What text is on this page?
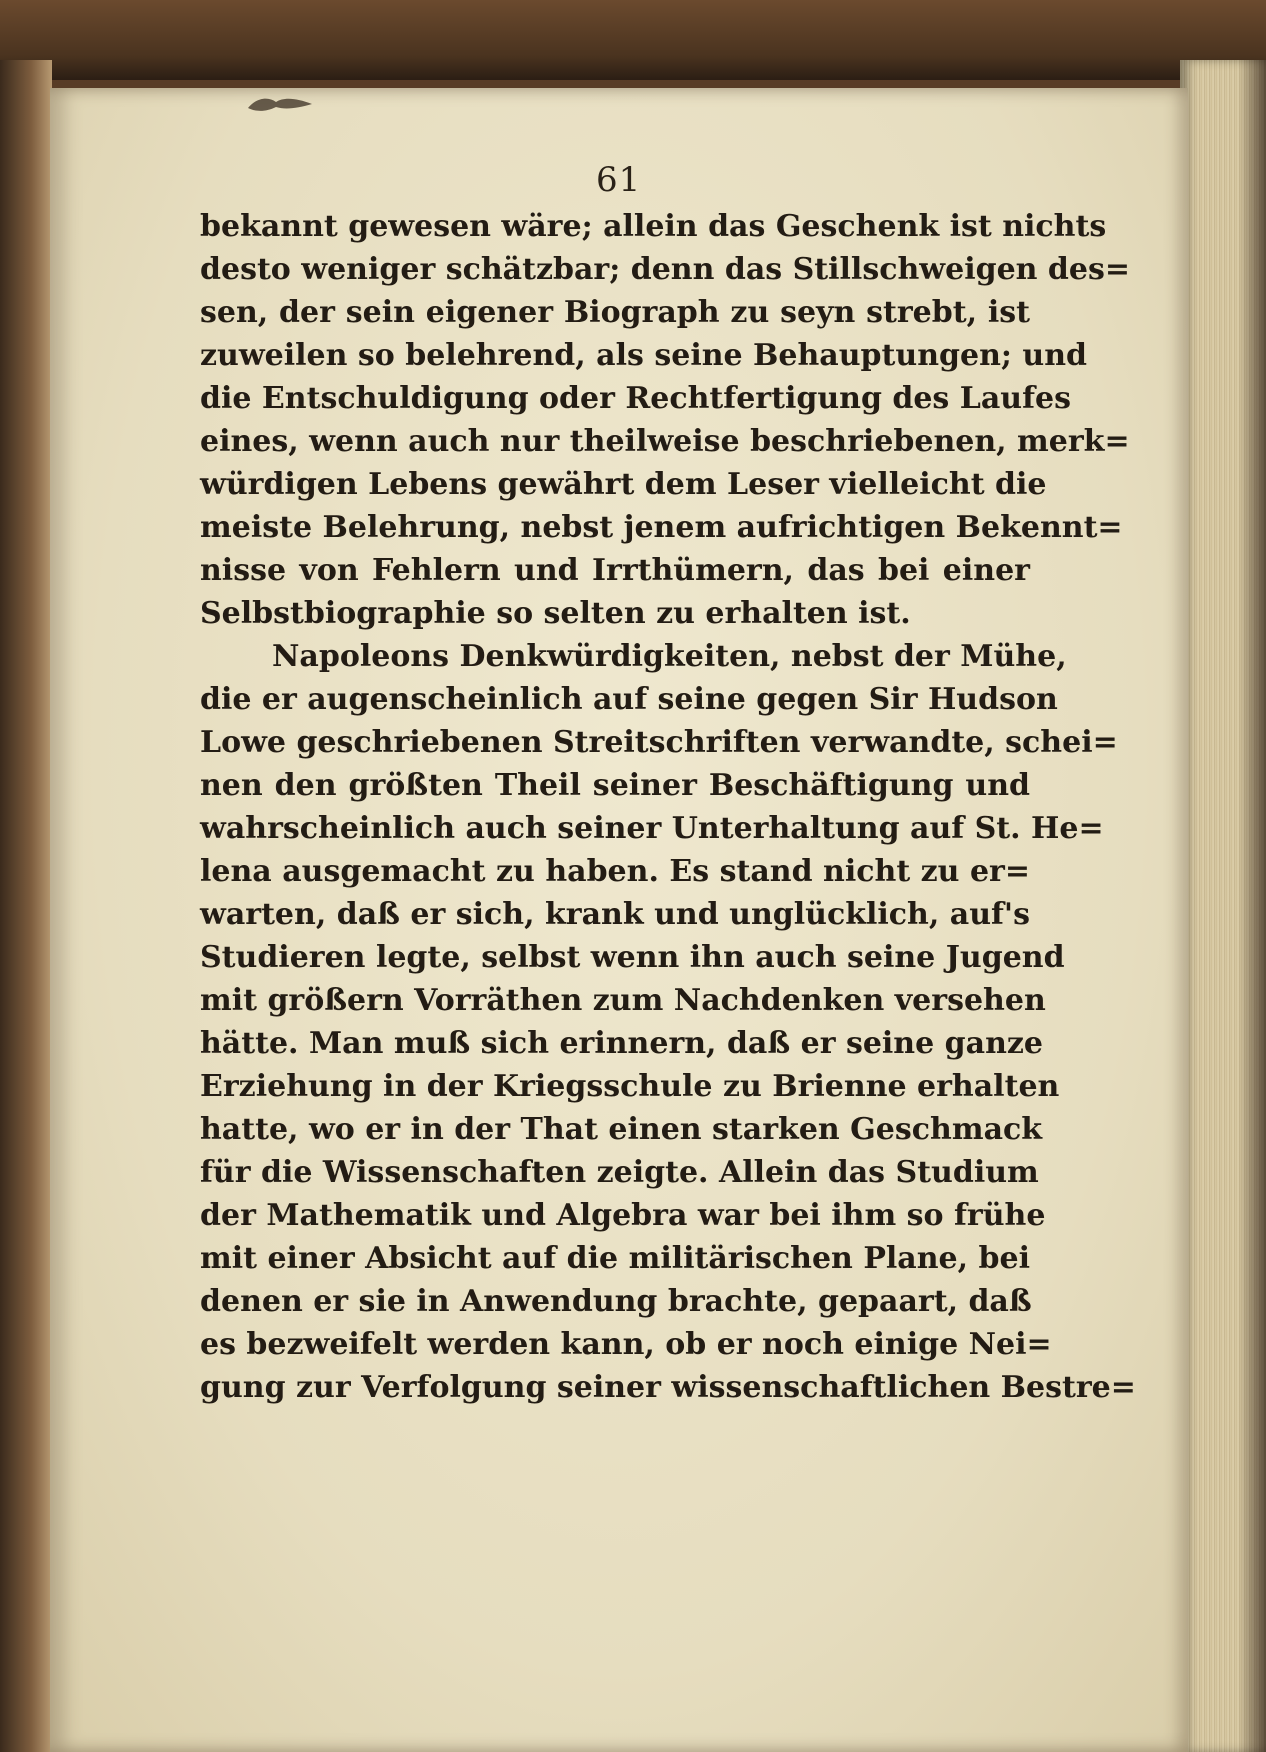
61
bekannt gewesen wäre; allein das Geschenk ist nichts
desto weniger schätzbar; denn das Stillschweigen des=
sen, der sein eigener Biograph zu seyn strebt, ist
zuweilen so belehrend, als seine Behauptungen; und
die Entschuldigung oder Rechtfertigung des Laufes
eines, wenn auch nur theilweise beschriebenen, merk=
würdigen Lebens gewährt dem Leser vielleicht die
meiste Belehrung, nebst jenem aufrichtigen Bekennt=
nisse von Fehlern und Irrthümern, das bei einer
Selbstbiographie so selten zu erhalten ist.
Napoleons Denkwürdigkeiten, nebst der Mühe,
die er augenscheinlich auf seine gegen Sir Hudson
Lowe geschriebenen Streitschriften verwandte, schei=
nen den größten Theil seiner Beschäftigung und
wahrscheinlich auch seiner Unterhaltung auf St. He=
lena ausgemacht zu haben. Es stand nicht zu er=
warten, daß er sich, krank und unglücklich, auf's
Studieren legte, selbst wenn ihn auch seine Jugend
mit größern Vorräthen zum Nachdenken versehen
hätte. Man muß sich erinnern, daß er seine ganze
Erziehung in der Kriegsschule zu Brienne erhalten
hatte, wo er in der That einen starken Geschmack
für die Wissenschaften zeigte. Allein das Studium
der Mathematik und Algebra war bei ihm so frühe
mit einer Absicht auf die militärischen Plane, bei
denen er sie in Anwendung brachte, gepaart, daß
es bezweifelt werden kann, ob er noch einige Nei=
gung zur Verfolgung seiner wissenschaftlichen Bestre=
